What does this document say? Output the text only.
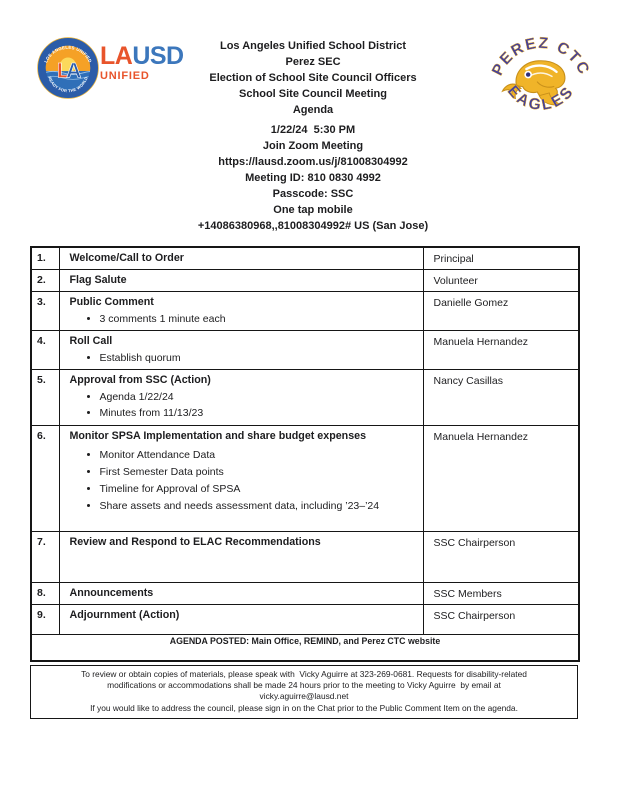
L
A
LOS ANGELES UNIFIED
READY FOR THE WORLD
LAUSD
UNIFIED	PEREZ CTC
EAGLES
Los Angeles Unified School District
Perez SEC
Election of School Site Council Officers
School Site Council Meeting
Agenda
1/22/24  5:30 PM
Join Zoom Meeting
https://lausd.zoom.us/j/81008304992
Meeting ID: 810 0830 4992
Passcode: SSC
One tap mobile
+14086380968,,81008304992# US (San Jose)
1.	Welcome/Call to Order	Principal
2.	Flag Salute	Volunteer
3.	Public Comment
• 3 comments 1 minute each
	Danielle Gomez
4.	Roll Call
• Establish quorum
	Manuela Hernandez
5.	Approval from SSC (Action)
• Agenda 1/22/24
• Minutes from 11/13/23
	Nancy Casillas
6.	Monitor SPSA Implementation and share budget expenses
• Monitor Attendance Data
• First Semester Data points
• Timeline for Approval of SPSA
• Share assets and needs assessment data, including ’23–’24
	Manuela Hernandez
7.	Review and Respond to ELAC Recommendations	SSC Chairperson
8.	Announcements	SSC Members
9.	Adjournment (Action)	SSC Chairperson
AGENDA POSTED: Main Office, REMIND, and Perez CTC website		
To review or obtain copies of materials, please speak with  Vicky Aguirre at 323-269-0681. Requests for disability-related
modifications or accommodations shall be made 24 hours prior to the meeting to Vicky Aguirre  by email at
vicky.aguirre@lausd.net
If you would like to address the council, please sign in on the Chat prior to the Public Comment Item on the agenda.
